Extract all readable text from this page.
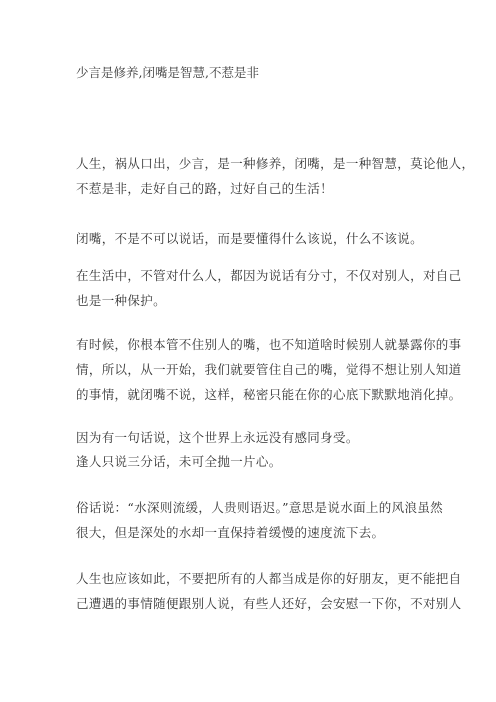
少言是修养,闭嘴是智慧,不惹是非

人生，祸从口出，少言，是一种修养，闭嘴，是一种智慧，莫论他人，
不惹是非，走好自己的路，过好自己的生活！

闭嘴，不是不可以说话，而是要懂得什么该说，什么不该说。

在生活中，不管对什么人，都因为说话有分寸，不仅对别人，对自己
也是一种保护。

有时候，你根本管不住别人的嘴，也不知道啥时候别人就暴露你的事
情，所以，从一开始，我们就要管住自己的嘴，觉得不想让别人知道
的事情，就闭嘴不说，这样，秘密只能在你的心底下默默地消化掉。

因为有一句话说，这个世界上永远没有感同身受。
逢人只说三分话，未可全抛一片心。

俗话说：“水深则流缓，人贵则语迟。”意思是说水面上的风浪虽然
很大，但是深处的水却一直保持着缓慢的速度流下去。

人生也应该如此，不要把所有的人都当成是你的好朋友，更不能把自
己遭遇的事情随便跟别人说，有些人还好，会安慰一下你，不对别人
